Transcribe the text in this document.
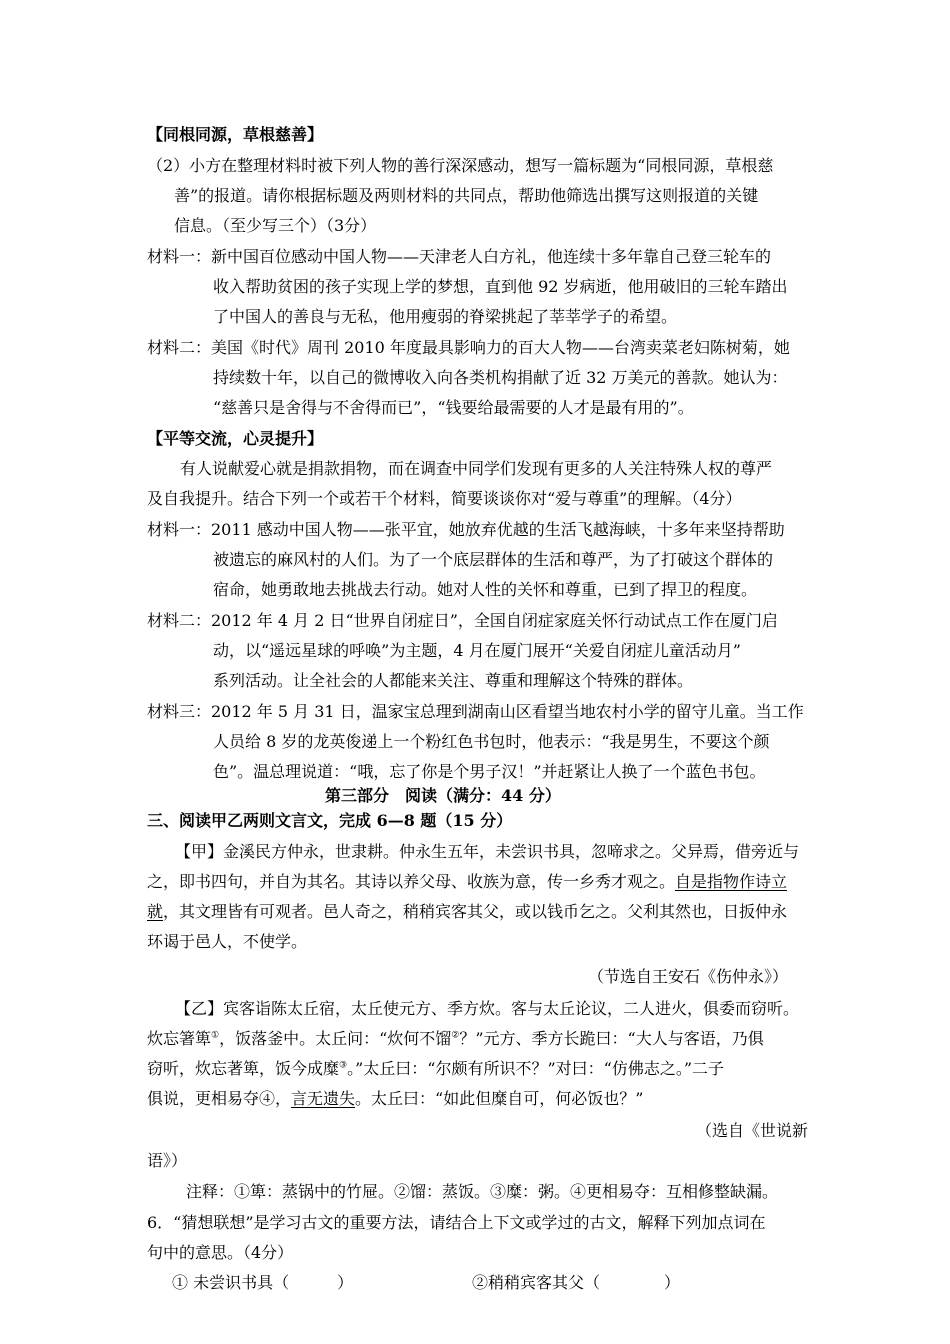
【同根同源，草根慈善】
（2）小方在整理材料时被下列人物的善行深深感动，想写一篇标题为“同根同源，草根慈
善”的报道。请你根据标题及两则材料的共同点，帮助他筛选出撰写这则报道的关键
信息。（至少写三个）（3分）
材料一：新中国百位感动中国人物——天津老人白方礼，他连续十多年靠自己登三轮车的
收入帮助贫困的孩子实现上学的梦想，直到他 92 岁病逝，他用破旧的三轮车踏出
了中国人的善良与无私，他用瘦弱的脊梁挑起了莘莘学子的希望。
材料二：美国《时代》周刊 2010 年度最具影响力的百大人物——台湾卖菜老妇陈树菊，她
持续数十年，以自己的微博收入向各类机构捐献了近 32 万美元的善款。她认为：
“慈善只是舍得与不舍得而已”，“钱要给最需要的人才是最有用的”。
【平等交流，心灵提升】
有人说献爱心就是捐款捐物，而在调查中同学们发现有更多的人关注特殊人权的尊严
及自我提升。结合下列一个或若干个材料，简要谈谈你对“爱与尊重”的理解。（4分）
材料一：2011 感动中国人物——张平宜，她放弃优越的生活飞越海峡，十多年来坚持帮助
被遗忘的麻风村的人们。为了一个底层群体的生活和尊严，为了打破这个群体的
宿命，她勇敢地去挑战去行动。她对人性的关怀和尊重，已到了捍卫的程度。
材料二：2012 年 4 月 2 日“世界自闭症日”，全国自闭症家庭关怀行动试点工作在厦门启
动，以“遥远星球的呼唤”为主题，4 月在厦门展开“关爱自闭症儿童活动月”
系列活动。让全社会的人都能来关注、尊重和理解这个特殊的群体。
材料三：2012 年 5 月 31 日，温家宝总理到湖南山区看望当地农村小学的留守儿童。当工作
人员给 8 岁的龙英俊递上一个粉红色书包时，他表示：“我是男生，不要这个颜
色”。温总理说道：“哦，忘了你是个男子汉！”并赶紧让人换了一个蓝色书包。
第三部分　阅读（满分：44 分）
三、阅读甲乙两则文言文，完成 6—8 题（15 分）
【甲】金溪民方仲永，世隶耕。仲永生五年，未尝识书具，忽啼求之。父异焉，借旁近与
之，即书四句，并自为其名。其诗以养父母、收族为意，传一乡秀才观之。自是指物作诗立
就，其文理皆有可观者。邑人奇之，稍稍宾客其父，或以钱币乞之。父利其然也，日扳仲永
环谒于邑人，不使学。
（节选自王安石《伤仲永》）
【乙】宾客诣陈太丘宿，太丘使元方、季方炊。客与太丘论议，二人进火，俱委而窃听。
炊忘箸箄①，饭落釜中。太丘问：“炊何不馏②？”元方、季方长跪曰：“大人与客语，乃俱
窃听，炊忘著箄，饭今成糜③。”太丘曰：“尔颇有所识不？”对曰：“仿佛志之。”二子
俱说，更相易夺④，言无遗失。太丘曰：“如此但糜自可，何必饭也？”
（选自《世说新
语》）
注释：①箄：蒸锅中的竹屉。②馏：蒸饭。③糜：粥。④更相易夺：互相修整缺漏。
6．“猜想联想”是学习古文的重要方法，请结合上下文或学过的古文，解释下列加点词在
句中的意思。（4分）
① 未尝识书具（　　　）	②稍稍宾客其父（　　　　）
